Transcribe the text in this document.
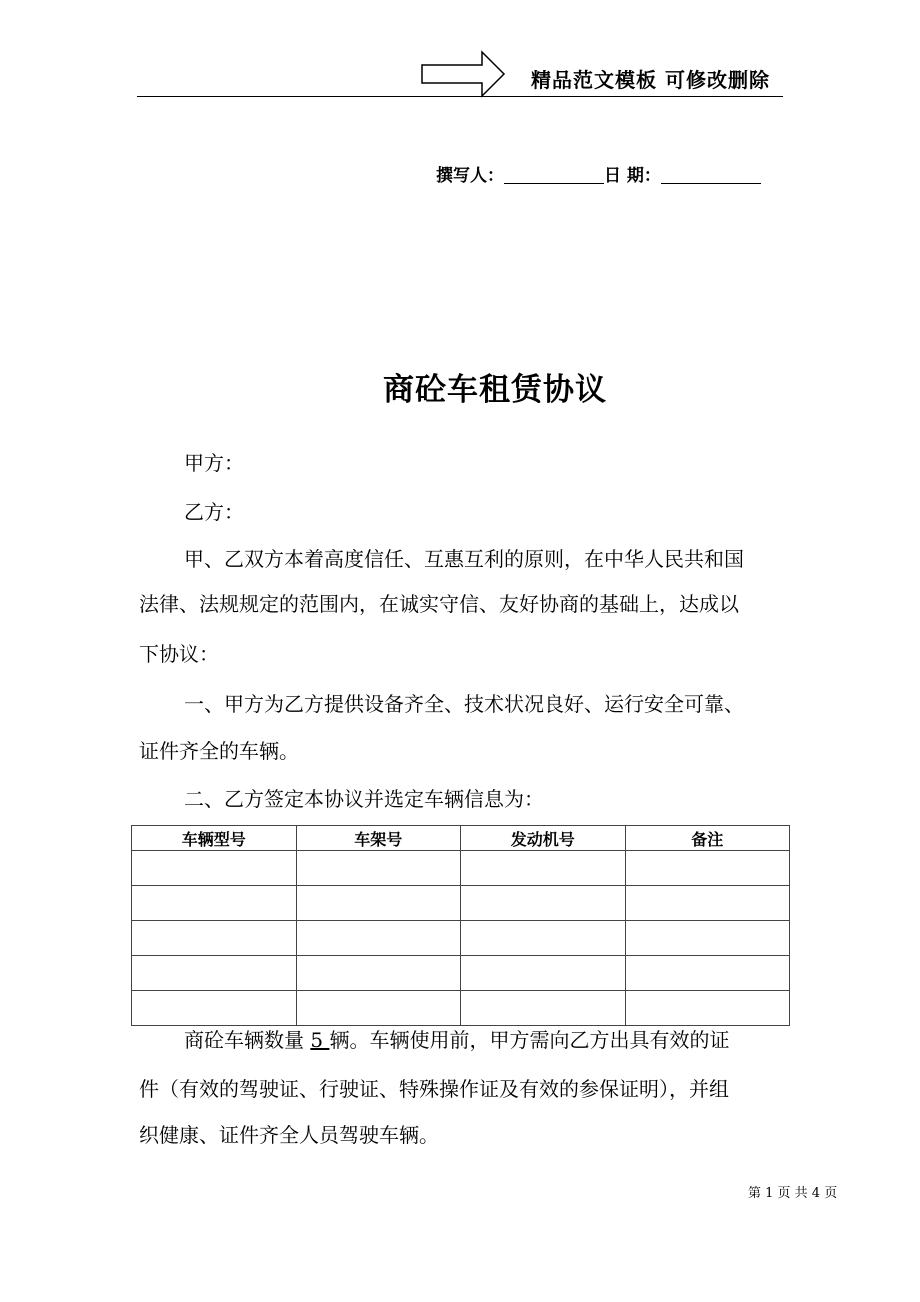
精品范文模板 可修改删除
撰写人：	日 期：
商砼车租赁协议
甲方：
乙方：
甲、乙双方本着高度信任、互惠互利的原则，在中华人民共和国
法律、法规规定的范围内，在诚实守信、友好协商的基础上，达成以
下协议：
一、甲方为乙方提供设备齐全、技术状况良好、运行安全可靠、
证件齐全的车辆。
二、乙方签定本协议并选定车辆信息为：
车辆型号	车架号	发动机号	备注

商砼车辆数量 5 辆。车辆使用前，甲方需向乙方出具有效的证
件（有效的驾驶证、行驶证、特殊操作证及有效的参保证明），并组
织健康、证件齐全人员驾驶车辆。
第 1 页 共 4 页
